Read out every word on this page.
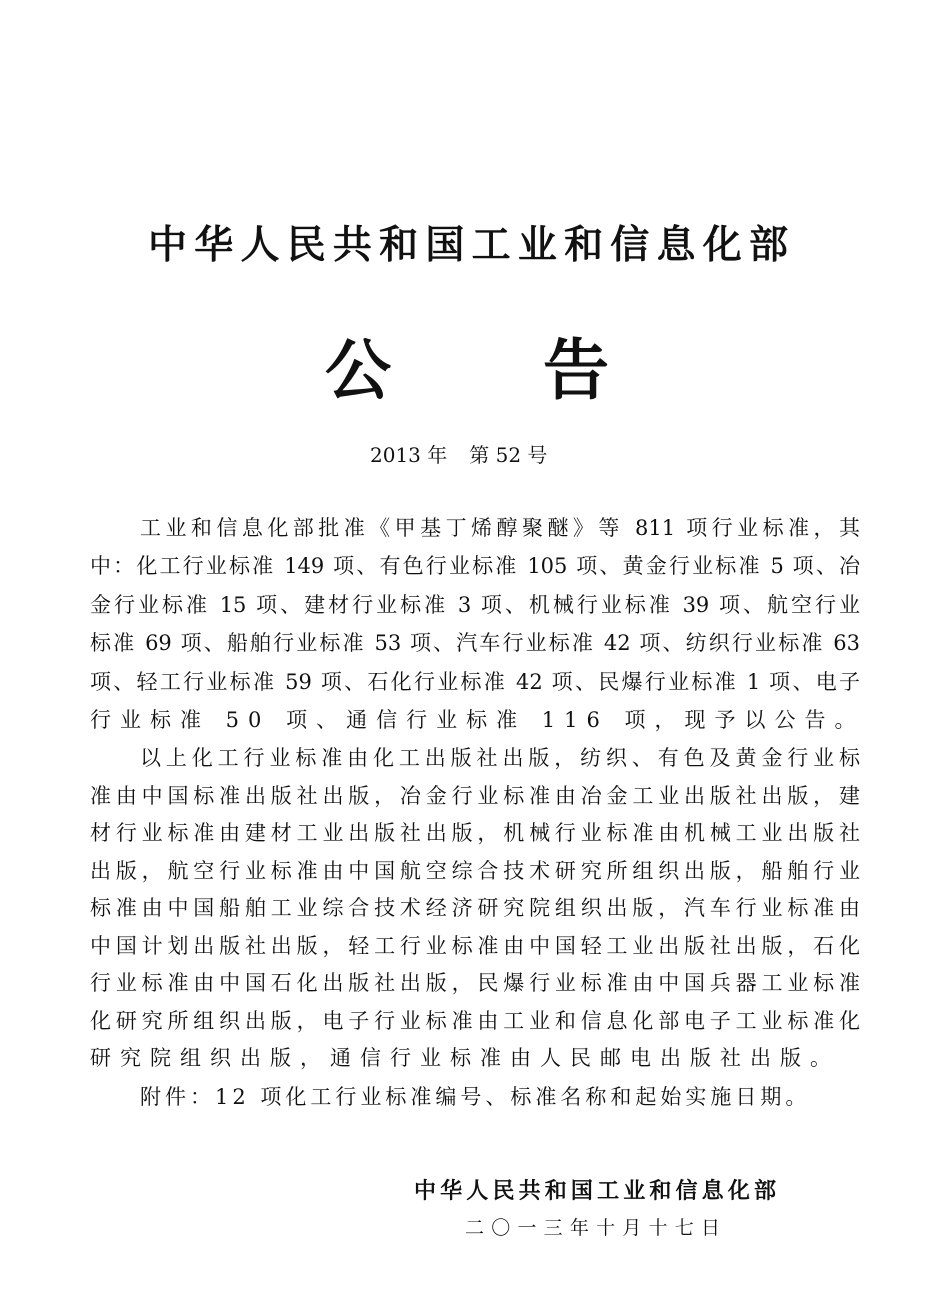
中华人民共和国工业和信息化部
公 告
2013 年 第 52 号
工业和信息化部批准《甲基丁烯醇聚醚》等 811 项行业标准，其
中：化工行业标准 149 项、有色行业标准 105 项、黄金行业标准 5 项、冶
金行业标准 15 项、建材行业标准 3 项、机械行业标准 39 项、航空行业
标准 69 项、船舶行业标准 53 项、汽车行业标准 42 项、纺织行业标准 63
项、轻工行业标准 59 项、石化行业标准 42 项、民爆行业标准 1 项、电子
行业标准 50 项、通信行业标准 116 项，现予以公告。
以上化工行业标准由化工出版社出版，纺织、有色及黄金行业标
准由中国标准出版社出版，冶金行业标准由冶金工业出版社出版，建
材行业标准由建材工业出版社出版，机械行业标准由机械工业出版社
出版，航空行业标准由中国航空综合技术研究所组织出版，船舶行业
标准由中国船舶工业综合技术经济研究院组织出版，汽车行业标准由
中国计划出版社出版，轻工行业标准由中国轻工业出版社出版，石化
行业标准由中国石化出版社出版，民爆行业标准由中国兵器工业标准
化研究所组织出版，电子行业标准由工业和信息化部电子工业标准化
研究院组织出版，通信行业标准由人民邮电出版社出版。
附件：12 项化工行业标准编号、标准名称和起始实施日期。
中华人民共和国工业和信息化部
二〇一三年十月十七日
